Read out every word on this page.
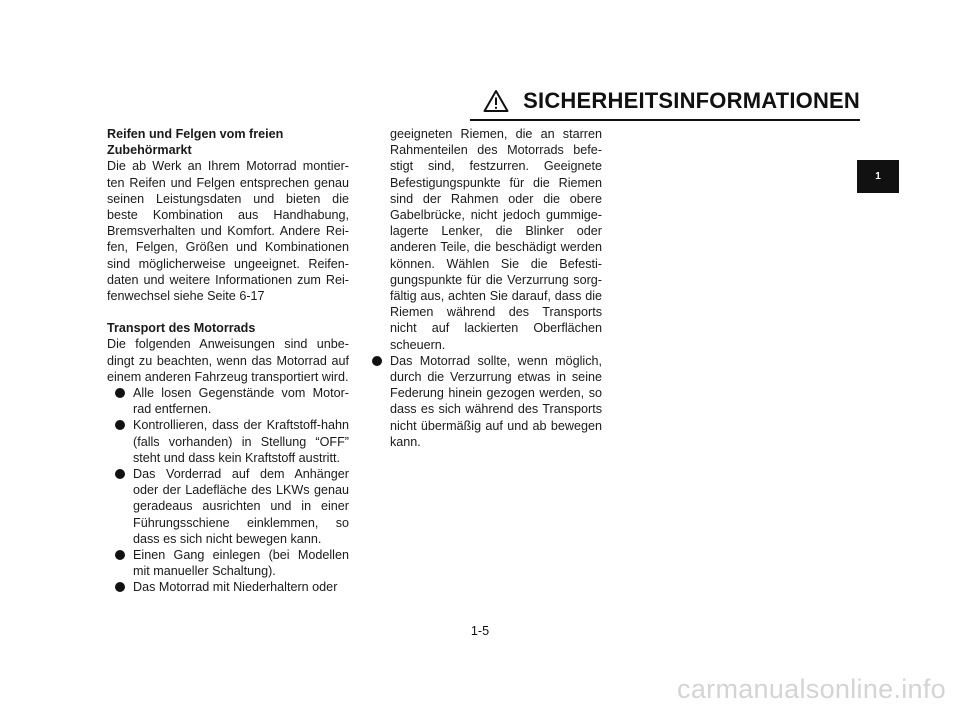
SICHERHEITSINFORMATIONEN
1
Reifen und Felgen vom freien
Zubehörmarkt

Die ab Werk an Ihrem Motorrad montier-ten Reifen und Felgen entsprechen genau seinen Leistungsdaten und bieten die beste Kombination aus Handhabung, Bremsverhalten und Komfort. Andere Rei-fen, Felgen, Größen und Kombinationen sind möglicherweise ungeeignet. Reifen-daten und weitere Informationen zum Rei-fenwechsel siehe Seite 6-17

Transport des Motorrads

Die folgenden Anweisungen sind unbe-dingt zu beachten, wenn das Motorrad auf einem anderen Fahrzeug transportiert wird.

Alle losen Gegenstände vom Motor-rad entfernen.
Kontrollieren, dass der Kraftstoff-hahn (falls vorhanden) in Stellung “OFF” steht und dass kein Kraftstoff austritt.
Das Vorderrad auf dem Anhänger oder der Ladefläche des LKWs genau geradeaus ausrichten und in einer Führungsschiene einklemmen, so dass es sich nicht bewegen kann.
Einen Gang einlegen (bei Modellen mit manueller Schaltung).
Das Motorrad mit Niederhaltern oder

geeigneten Riemen, die an starren Rahmenteilen des Motorrads befe-stigt sind, festzurren. Geeignete Befestigungspunkte für die Riemen sind der Rahmen oder die obere Gabelbrücke, nicht jedoch gummige-lagerte Lenker, die Blinker oder anderen Teile, die beschädigt werden können. Wählen Sie die Befesti-gungspunkte für die Verzurrung sorg-fältig aus, achten Sie darauf, dass die Riemen während des Transports nicht auf lackierten Oberflächen scheuern.

Das Motorrad sollte, wenn möglich, durch die Verzurrung etwas in seine Federung hinein gezogen werden, so dass es sich während des Transports nicht übermäßig auf und ab bewegen kann.
1-5
carmanualsonline.info
